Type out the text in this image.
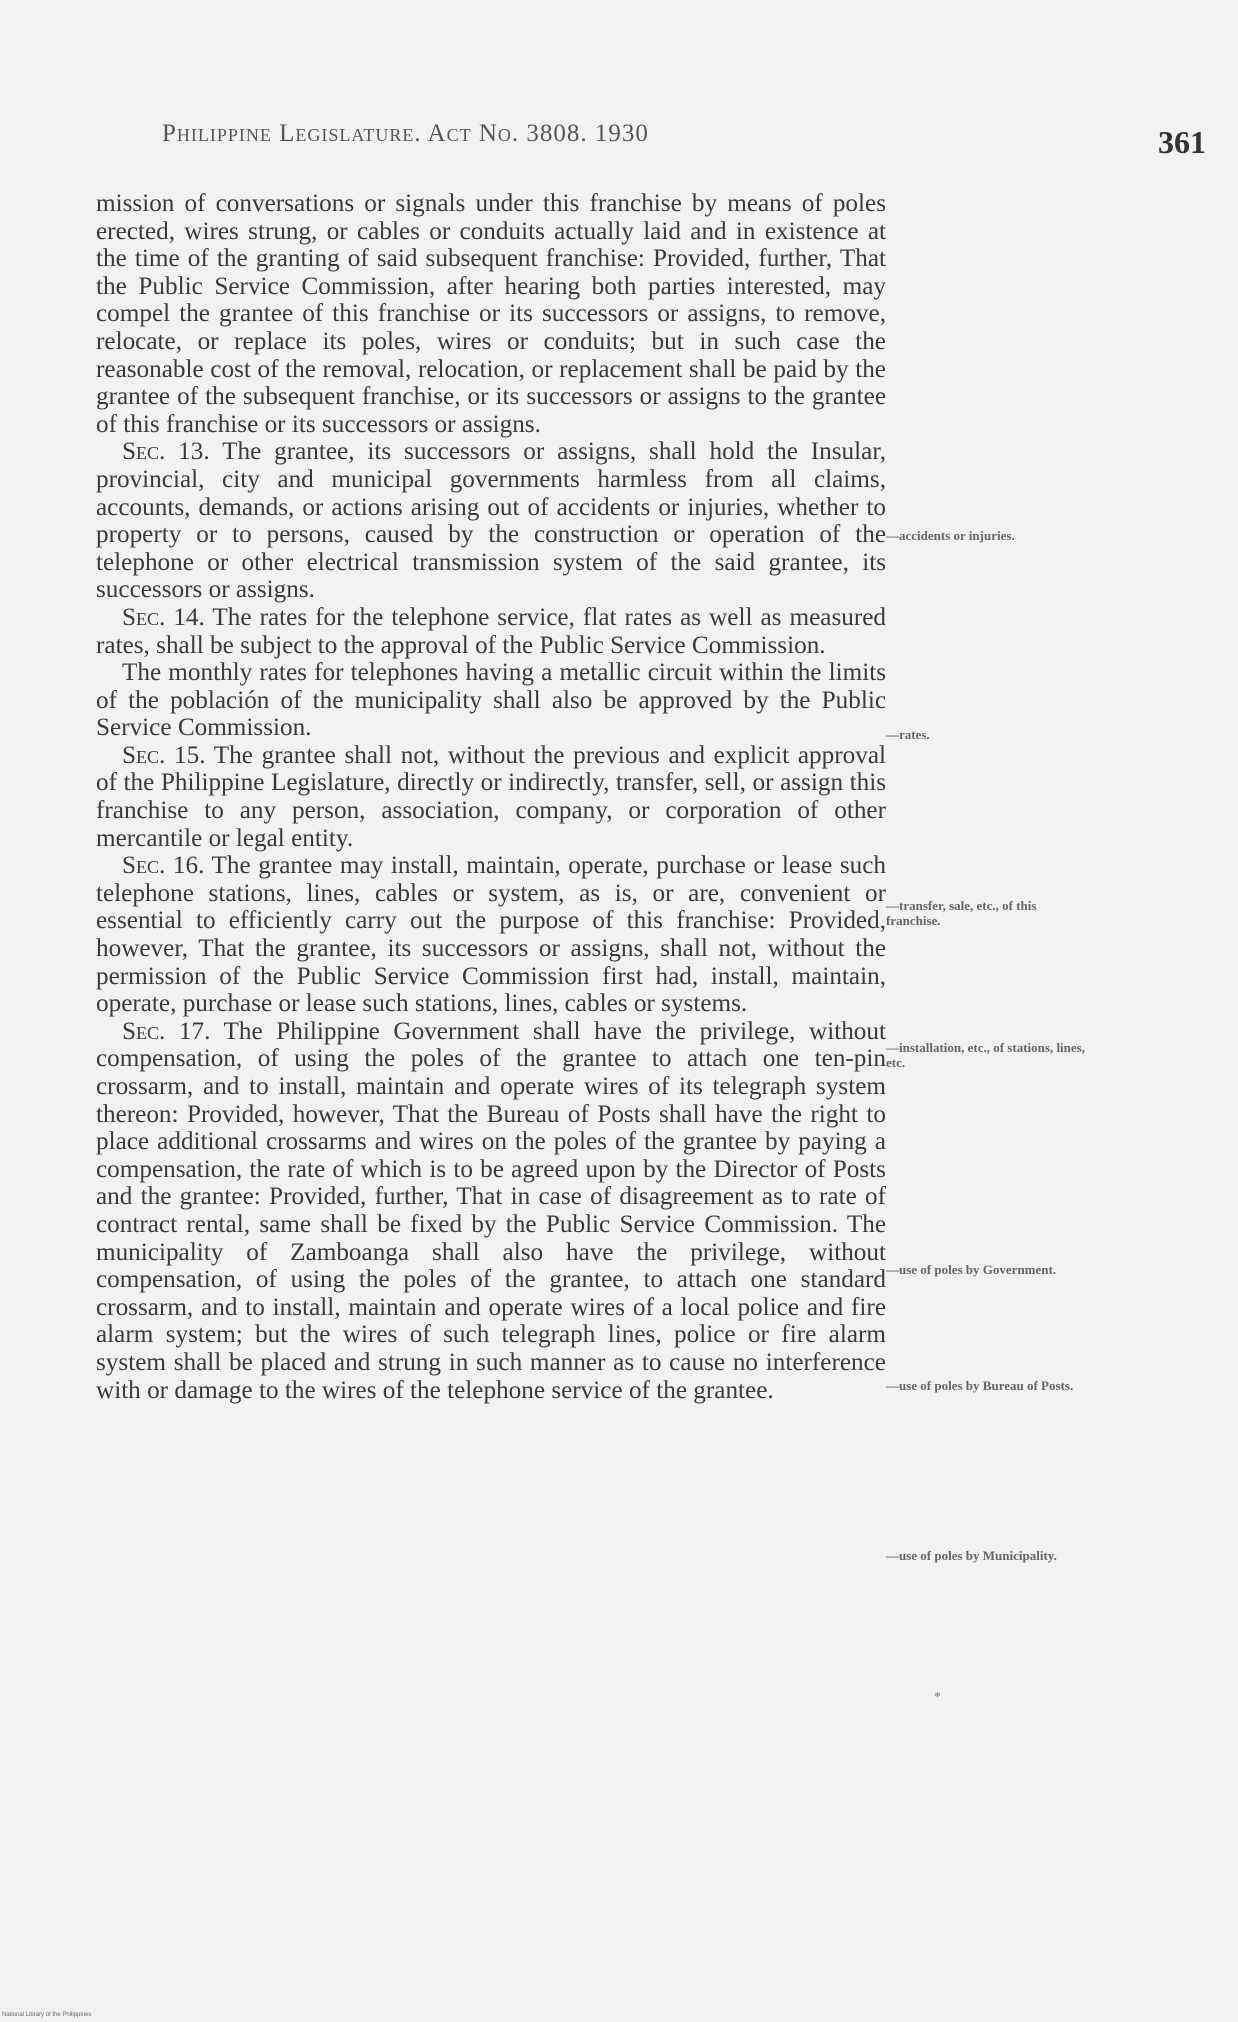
Philippine Legislature. Act No. 3808. 1930	361

mission of conversations or signals under this franchise by means of poles erected, wires strung, or cables or conduits actually laid and in existence at the time of the granting of said subsequent franchise: Provided, further, That the Public Service Commission, after hearing both parties interested, may compel the grantee of this franchise or its successors or assigns, to remove, relocate, or replace its poles, wires or conduits; but in such case the reasonable cost of the removal, relocation, or replacement shall be paid by the grantee of the subsequent franchise, or its successors or assigns to the grantee of this franchise or its successors or assigns.

Sec. 13. The grantee, its successors or assigns, shall hold the Insular, provincial, city and municipal governments harmless from all claims, accounts, demands, or actions arising out of accidents or injuries, whether to property or to persons, caused by the construction or operation of the telephone or other electrical transmission system of the said grantee, its successors or assigns.

Sec. 14. The rates for the telephone service, flat rates as well as measured rates, shall be subject to the approval of the Public Service Commission.

The monthly rates for telephones having a metallic circuit within the limits of the población of the municipality shall also be approved by the Public Service Commission.

Sec. 15. The grantee shall not, without the previous and explicit approval of the Philippine Legislature, directly or indirectly, transfer, sell, or assign this franchise to any person, association, company, or corporation of other mercantile or legal entity.

Sec. 16. The grantee may install, maintain, operate, purchase or lease such telephone stations, lines, cables or system, as is, or are, convenient or essential to efficiently carry out the purpose of this franchise: Provided, however, That the grantee, its successors or assigns, shall not, without the permission of the Public Service Commission first had, install, maintain, operate, purchase or lease such stations, lines, cables or systems.

Sec. 17. The Philippine Government shall have the privilege, without compensation, of using the poles of the grantee to attach one ten-pin crossarm, and to install, maintain and operate wires of its telegraph system thereon: Provided, however, That the Bureau of Posts shall have the right to place additional crossarms and wires on the poles of the grantee by paying a compensation, the rate of which is to be agreed upon by the Director of Posts and the grantee: Provided, further, That in case of disagreement as to rate of contract rental, same shall be fixed by the Public Service Commission. The municipality of Zamboanga shall also have the privilege, without compensation, of using the poles of the grantee, to attach one standard crossarm, and to install, maintain and operate wires of a local police and fire alarm system; but the wires of such telegraph lines, police or fire alarm system shall be placed and strung in such manner as to cause no interference with or damage to the wires of the telephone service of the grantee.

—accidents or injuries.
—rates.
—transfer, sale, etc., of this franchise.
—installation, etc., of stations, lines, etc.
—use of poles by Government.
—use of poles by Bureau of Posts.
—use of poles by Municipality.
*
National Library of the Philippines
